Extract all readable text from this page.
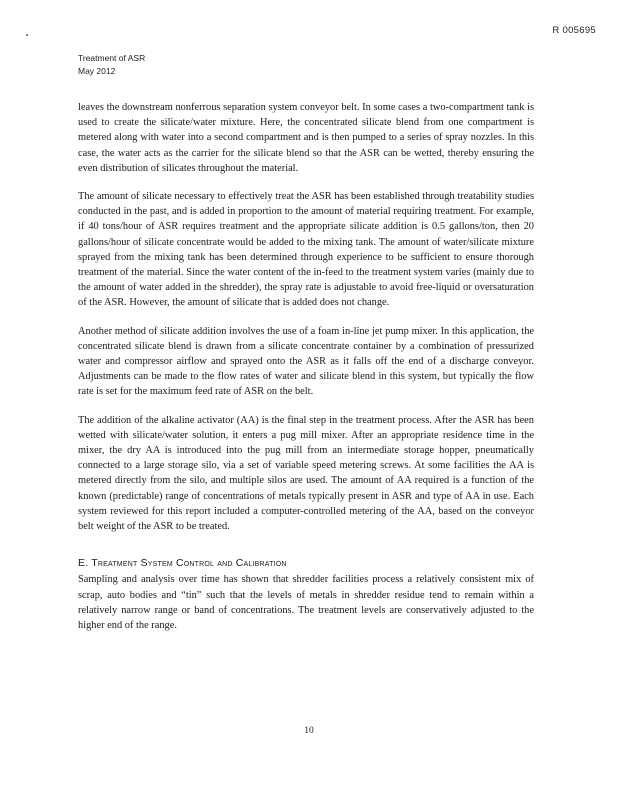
R 005695
Treatment of ASR
May 2012

leaves the downstream nonferrous separation system conveyor belt. In some cases a two-compartment tank is used to create the silicate/water mixture. Here, the concentrated silicate blend from one compartment is metered along with water into a second compartment and is then pumped to a series of spray nozzles. In this case, the water acts as the carrier for the silicate blend so that the ASR can be wetted, thereby ensuring the even distribution of silicates throughout the material.

The amount of silicate necessary to effectively treat the ASR has been established through treatability studies conducted in the past, and is added in proportion to the amount of material requiring treatment. For example, if 40 tons/hour of ASR requires treatment and the appropriate silicate addition is 0.5 gallons/ton, then 20 gallons/hour of silicate concentrate would be added to the mixing tank. The amount of water/silicate mixture sprayed from the mixing tank has been determined through experience to be sufficient to ensure thorough treatment of the material. Since the water content of the in-feed to the treatment system varies (mainly due to the amount of water added in the shredder), the spray rate is adjustable to avoid free-liquid or oversaturation of the ASR. However, the amount of silicate that is added does not change.

Another method of silicate addition involves the use of a foam in-line jet pump mixer. In this application, the concentrated silicate blend is drawn from a silicate concentrate container by a combination of pressurized water and compressor airflow and sprayed onto the ASR as it falls off the end of a discharge conveyor. Adjustments can be made to the flow rates of water and silicate blend in this system, but typically the flow rate is set for the maximum feed rate of ASR on the belt.

The addition of the alkaline activator (AA) is the final step in the treatment process. After the ASR has been wetted with silicate/water solution, it enters a pug mill mixer. After an appropriate residence time in the mixer, the dry AA is introduced into the pug mill from an intermediate storage hopper, pneumatically connected to a large storage silo, via a set of variable speed metering screws. At some facilities the AA is metered directly from the silo, and multiple silos are used. The amount of AA required is a function of the known (predictable) range of concentrations of metals typically present in ASR and type of AA in use. Each system reviewed for this report included a computer-controlled metering of the AA, based on the conveyor belt weight of the ASR to be treated.

E. Treatment System Control and Calibration

Sampling and analysis over time has shown that shredder facilities process a relatively consistent mix of scrap, auto bodies and “tin” such that the levels of metals in shredder residue tend to remain within a relatively narrow range or band of concentrations. The treatment levels are conservatively adjusted to the higher end of the range.

10
